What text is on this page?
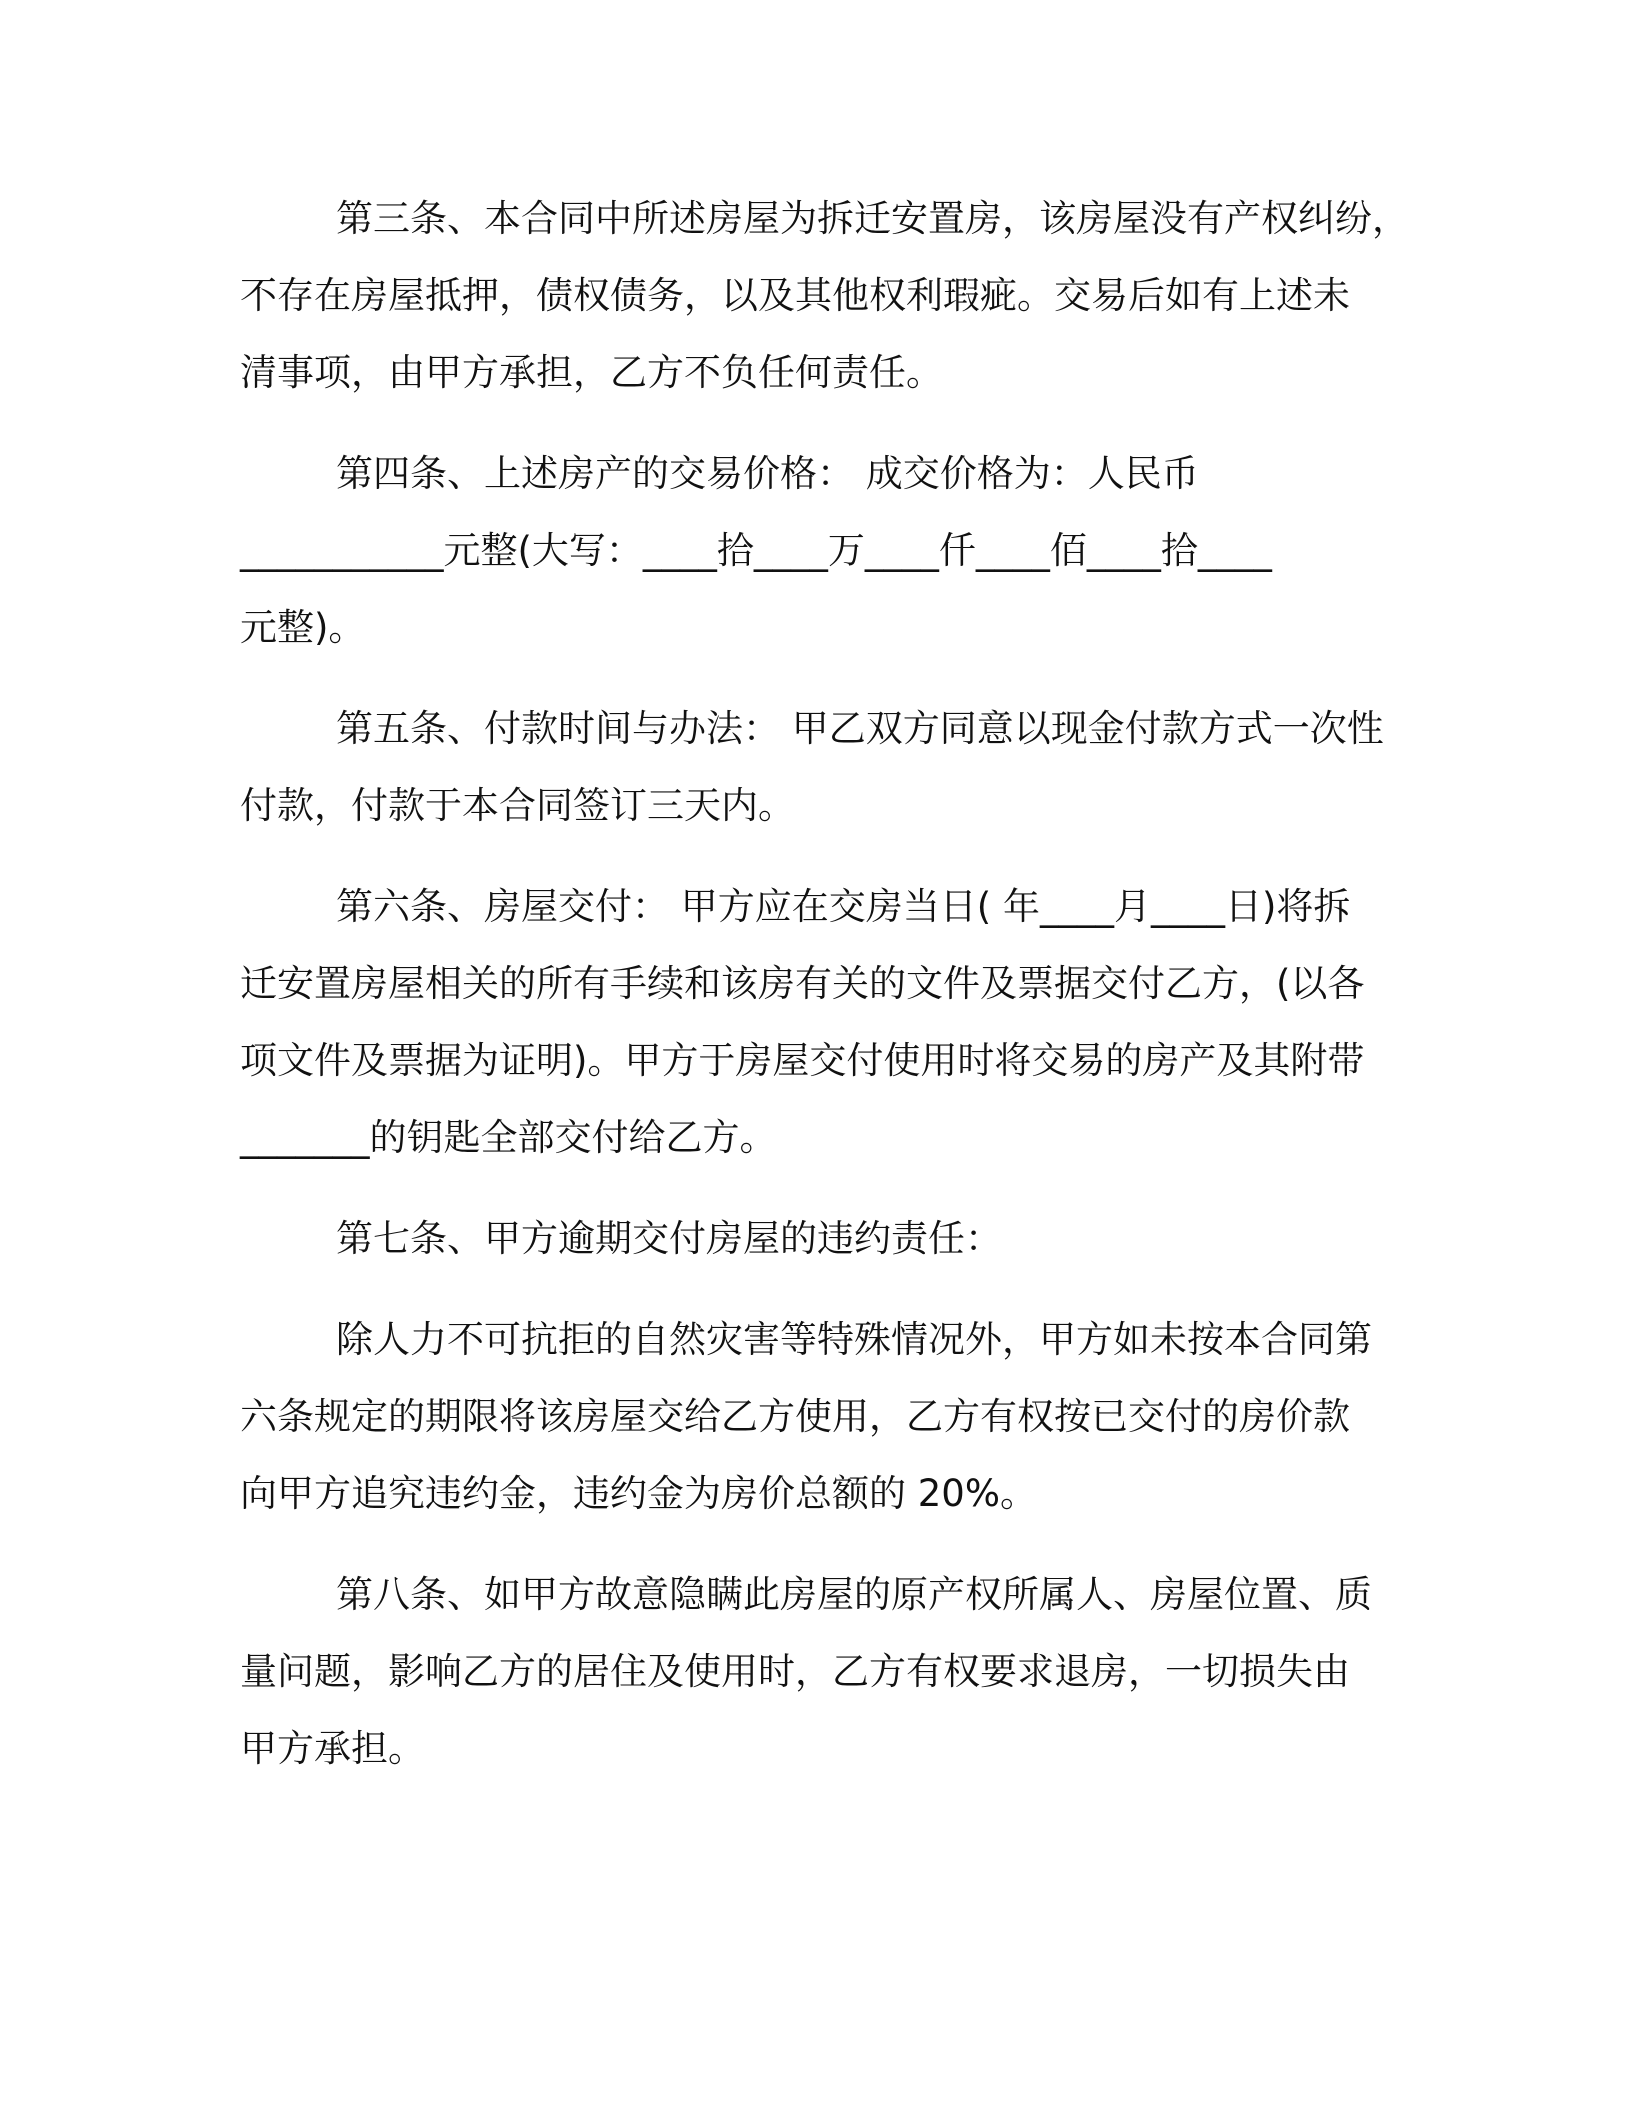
第三条、本合同中所述房屋为拆迁安置房，该房屋没有产权纠纷，
不存在房屋抵押，债权债务，以及其他权利瑕疵。交易后如有上述未
清事项，由甲方承担，乙方不负任何责任。
第四条、上述房产的交易价格： 成交价格为：人民币
___________元整(大写：____拾____万____仟____佰____拾____
元整)。
第五条、付款时间与办法： 甲乙双方同意以现金付款方式一次性
付款，付款于本合同签订三天内。
第六条、房屋交付： 甲方应在交房当日( 年____月____日)将拆
迁安置房屋相关的所有手续和该房有关的文件及票据交付乙方，(以各
项文件及票据为证明)。甲方于房屋交付使用时将交易的房产及其附带
_______的钥匙全部交付给乙方。
第七条、甲方逾期交付房屋的违约责任：
除人力不可抗拒的自然灾害等特殊情况外，甲方如未按本合同第
六条规定的期限将该房屋交给乙方使用，乙方有权按已交付的房价款
向甲方追究违约金，违约金为房价总额的 20%。
第八条、如甲方故意隐瞒此房屋的原产权所属人、房屋位置、质
量问题，影响乙方的居住及使用时，乙方有权要求退房，一切损失由
甲方承担。
